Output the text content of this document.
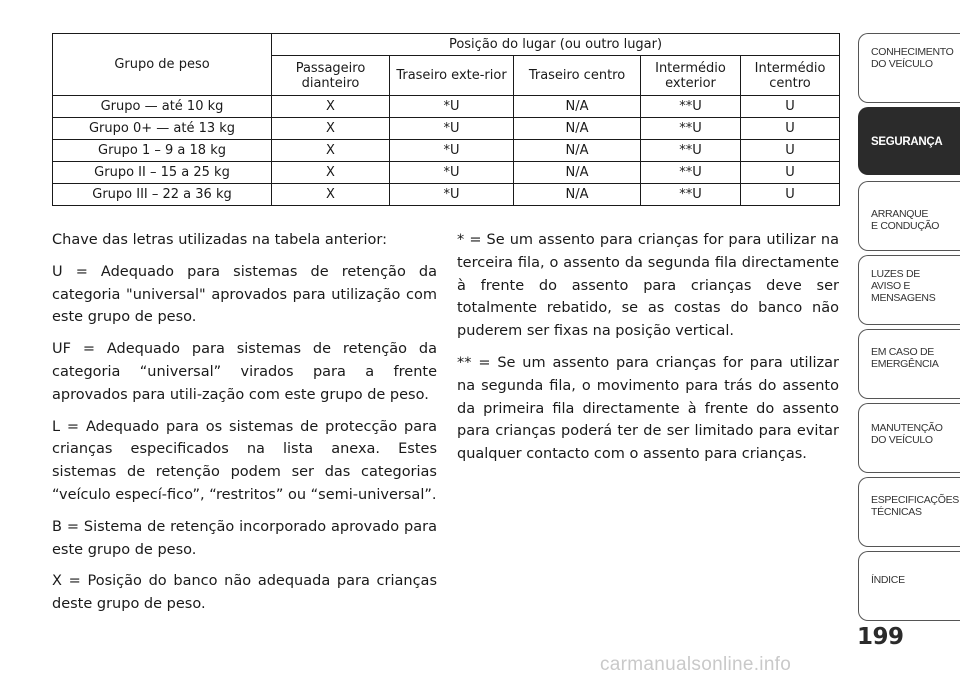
Grupo de peso	Posição do lugar (ou outro lugar)				
	Passageiro dianteiro	Traseiro exte-rior	Traseiro centro	Intermédio exterior	Intermédio centro
Grupo — até 10 kg	X	*U	N/A	**U	U
Grupo 0+ — até 13 kg	X	*U	N/A	**U	U
Grupo 1 – 9 a 18 kg	X	*U	N/A	**U	U
Grupo II – 15 a 25 kg	X	*U	N/A	**U	U
Grupo III – 22 a 36 kg	X	*U	N/A	**U	U

Chave das letras utilizadas na tabela anterior:

U = Adequado para sistemas de retenção da categoria "universal" aprovados para utilização com este grupo de peso.

UF = Adequado para sistemas de retenção da categoria “universal” virados para a frente aprovados para utili-zação com este grupo de peso.

L = Adequado para os sistemas de protecção para crianças especificados na lista anexa. Estes sistemas de retenção podem ser das categorias “veículo especí-fico”, “restritos” ou “semi-universal”.

B = Sistema de retenção incorporado aprovado para este grupo de peso.

X = Posição do banco não adequada para crianças deste grupo de peso.

* = Se um assento para crianças for para utilizar na terceira fila, o assento da segunda fila directamente à frente do assento para crianças deve ser totalmente rebatido, se as costas do banco não puderem ser fixas na posição vertical.

** = Se um assento para crianças for para utilizar na segunda fila, o movimento para trás do assento da primeira fila directamente à frente do assento para crianças poderá ter de ser limitado para evitar qualquer contacto com o assento para crianças.

CONHECIMENTO
DO VEÍCULO
SEGURANÇA
ARRANQUE
E CONDUÇÃO
LUZES DE
AVISO E
MENSAGENS
EM CASO DE
EMERGÊNCIA
MANUTENÇÃO
DO VEÍCULO
ESPECIFICAÇÕES
TÉCNICAS
ÍNDICE
199
carmanualsonline.info
